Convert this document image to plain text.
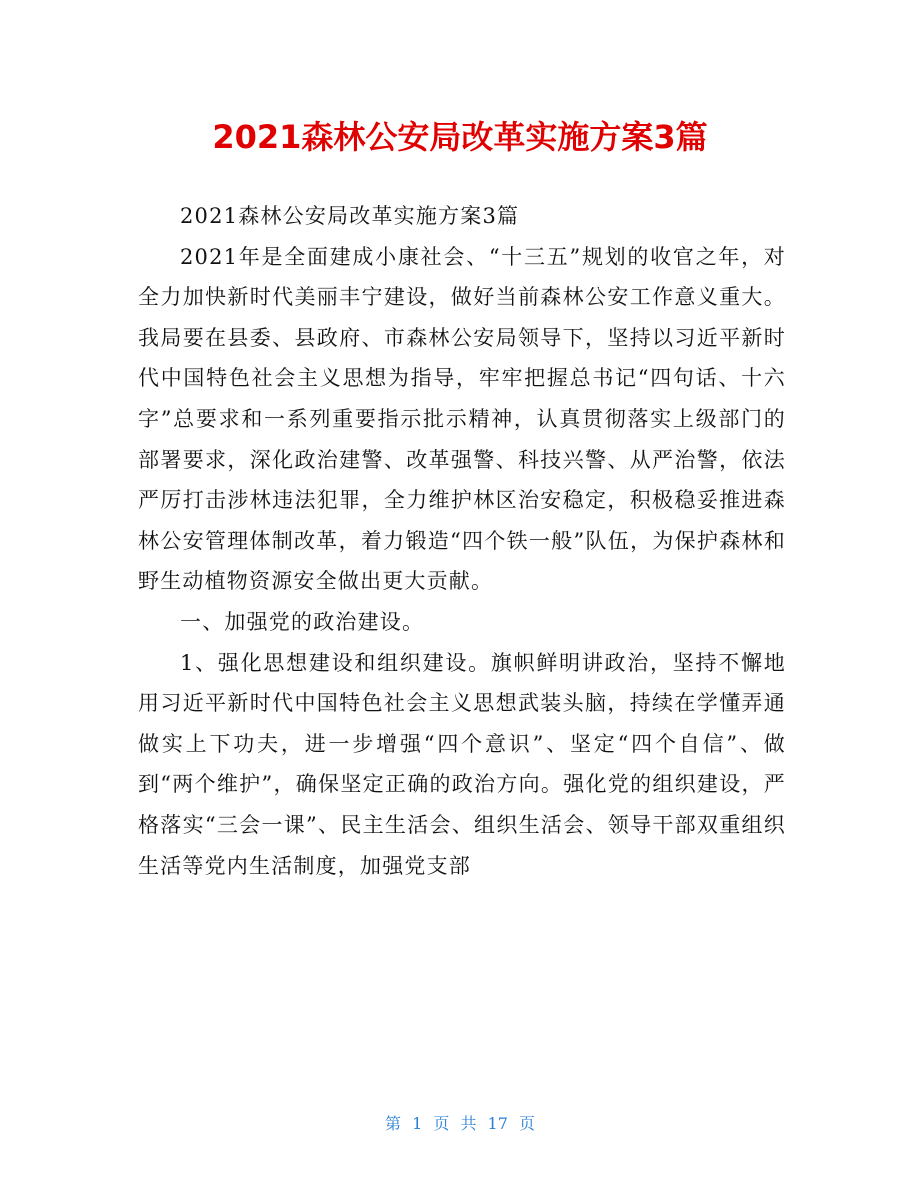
2021森林公安局改革实施方案3篇

2021森林公安局改革实施方案3篇

2021年是全面建成小康社会、“十三五”规划的收官之年，对全力加快新时代美丽丰宁建设，做好当前森林公安工作意义重大。我局要在县委、县政府、市森林公安局领导下，坚持以习近平新时代中国特色社会主义思想为指导，牢牢把握总书记“四句话、十六字”总要求和一系列重要指示批示精神，认真贯彻落实上级部门的部署要求，深化政治建警、改革强警、科技兴警、从严治警，依法严厉打击涉林违法犯罪，全力维护林区治安稳定，积极稳妥推进森林公安管理体制改革，着力锻造“四个铁一般”队伍，为保护森林和野生动植物资源安全做出更大贡献。

一、加强党的政治建设。

1、强化思想建设和组织建设。旗帜鲜明讲政治，坚持不懈地用习近平新时代中国特色社会主义思想武装头脑，持续在学懂弄通做实上下功夫，进一步增强“四个意识”、坚定“四个自信”、做到“两个维护”，确保坚定正确的政治方向。强化党的组织建设，严格落实“三会一课”、民主生活会、组织生活会、领导干部双重组织生活等党内生活制度，加强党支部

第 1 页 共 17 页
